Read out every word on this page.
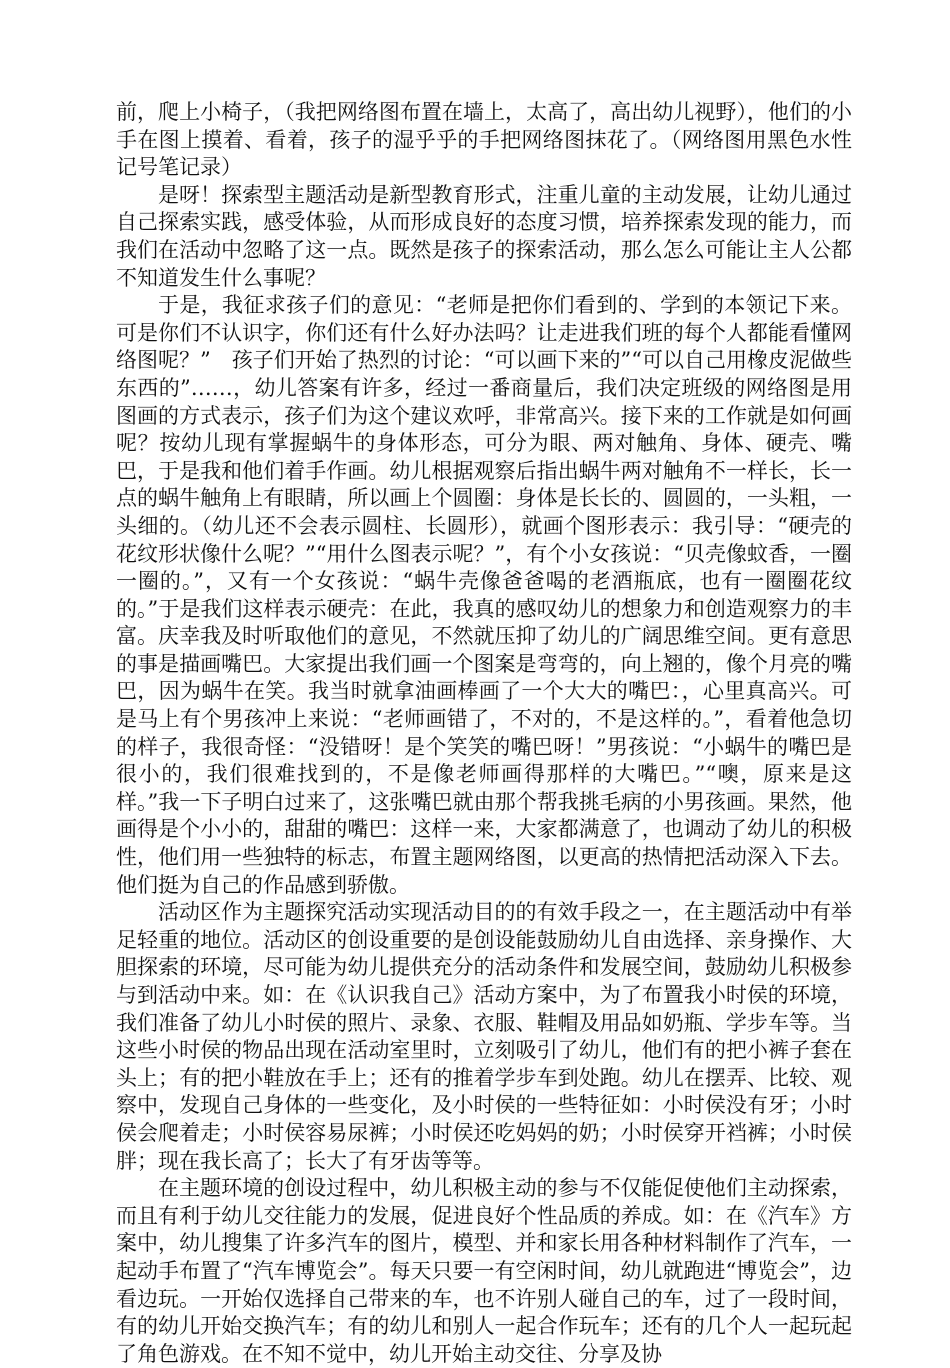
前，爬上小椅子，（我把网络图布置在墙上，太高了，高出幼儿视野），他们的小手在图上摸着、看着，孩子的湿乎乎的手把网络图抹花了。（网络图用黑色水性记号笔记录）

是呀！探索型主题活动是新型教育形式，注重儿童的主动发展，让幼儿通过自己探索实践，感受体验，从而形成良好的态度习惯，培养探索发现的能力，而我们在活动中忽略了这一点。既然是孩子的探索活动，那么怎么可能让主人公都不知道发生什么事呢？

于是，我征求孩子们的意见：“老师是把你们看到的、学到的本领记下来。可是你们不认识字，你们还有什么好办法吗？让走进我们班的每个人都能看懂网络图呢？”　孩子们开始了热烈的讨论：“可以画下来的”“可以自己用橡皮泥做些东西的”……，幼儿答案有许多，经过一番商量后，我们决定班级的网络图是用图画的方式表示，孩子们为这个建议欢呼，非常高兴。接下来的工作就是如何画呢？按幼儿现有掌握蜗牛的身体形态，可分为眼、两对触角、身体、硬壳、嘴巴，于是我和他们着手作画。幼儿根据观察后指出蜗牛两对触角不一样长，长一点的蜗牛触角上有眼睛，所以画上个圆圈：身体是长长的、圆圆的，一头粗，一头细的。（幼儿还不会表示圆柱、长圆形），就画个图形表示：我引导：“硬壳的花纹形状像什么呢？”“用什么图表示呢？”，有个小女孩说：“贝壳像蚊香，一圈一圈的。”，又有一个女孩说：“蜗牛壳像爸爸喝的老酒瓶底，也有一圈圈花纹的。”于是我们这样表示硬壳：在此，我真的感叹幼儿的想象力和创造观察力的丰富。庆幸我及时听取他们的意见，不然就压抑了幼儿的广阔思维空间。更有意思的事是描画嘴巴。大家提出我们画一个图案是弯弯的，向上翘的，像个月亮的嘴巴，因为蜗牛在笑。我当时就拿油画棒画了一个大大的嘴巴：，心里真高兴。可是马上有个男孩冲上来说：“老师画错了，不对的，不是这样的。”，看着他急切的样子，我很奇怪：“没错呀！是个笑笑的嘴巴呀！”男孩说：“小蜗牛的嘴巴是很小的，我们很难找到的，不是像老师画得那样的大嘴巴。”“噢，原来是这样。”我一下子明白过来了，这张嘴巴就由那个帮我挑毛病的小男孩画。果然，他画得是个小小的，甜甜的嘴巴：这样一来，大家都满意了，也调动了幼儿的积极性，他们用一些独特的标志，布置主题网络图，以更高的热情把活动深入下去。他们挺为自己的作品感到骄傲。

活动区作为主题探究活动实现活动目的的有效手段之一，在主题活动中有举足轻重的地位。活动区的创设重要的是创设能鼓励幼儿自由选择、亲身操作、大胆探索的环境，尽可能为幼儿提供充分的活动条件和发展空间，鼓励幼儿积极参与到活动中来。如：在《认识我自己》活动方案中，为了布置我小时侯的环境，我们准备了幼儿小时侯的照片、录象、衣服、鞋帽及用品如奶瓶、学步车等。当这些小时侯的物品出现在活动室里时，立刻吸引了幼儿，他们有的把小裤子套在头上；有的把小鞋放在手上；还有的推着学步车到处跑。幼儿在摆弄、比较、观察中，发现自己身体的一些变化，及小时侯的一些特征如：小时侯没有牙；小时侯会爬着走；小时侯容易尿裤；小时侯还吃妈妈的奶；小时侯穿开裆裤；小时侯胖；现在我长高了；长大了有牙齿等等。

在主题环境的创设过程中，幼儿积极主动的参与不仅能促使他们主动探索，而且有利于幼儿交往能力的发展，促进良好个性品质的养成。如：在《汽车》方案中，幼儿搜集了许多汽车的图片，模型、并和家长用各种材料制作了汽车，一起动手布置了“汽车博览会”。每天只要一有空闲时间，幼儿就跑进“博览会”，边看边玩。一开始仅选择自己带来的车，也不许别人碰自己的车，过了一段时间，有的幼儿开始交换汽车；有的幼儿和别人一起合作玩车；还有的几个人一起玩起了角色游戏。在不知不觉中，幼儿开始主动交往、分享及协
